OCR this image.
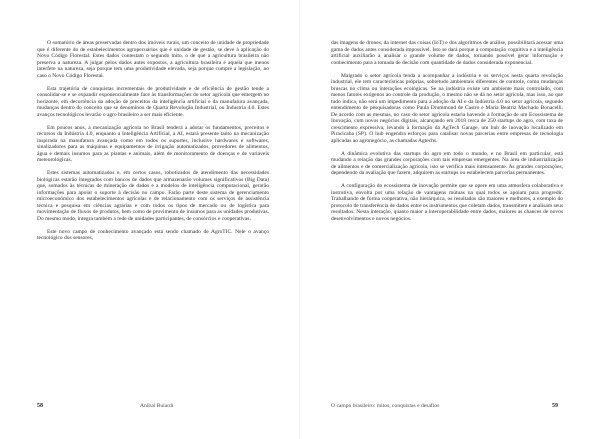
O somatório de áreas preservadas dentro dos imóveis rurais, um conceito de unidade de propriedade que é diferente do de estabelecimentos agropecuários que é unidade de gestão, se deve à aplicação do Novo Código Florestal. Estes dados contestam o segundo mito, o de que a agricultura brasileira não preserva a natureza. A julgar pelos dados antes expostos, a agricultura brasileira é aquela que menos interfere na natureza, seja porque tem uma produtividade elevada, seja porque cumpre a legislação, no caso o Novo Código Florestal.

Esta trajetória de conquistas incrementais de produtividade e de eficiência de gestão tende a consolidar-se e se expandir exponencialmente face às transformações do setor agrícola que emergem no horizonte, em decorrência da adoção de preceitos da inteligência artificial e da manufatura avançada, mudanças dentro do conceito que se denominou de Quarta Revolução Industrial, ou Industria 4.0. Estes avanços tecnológicos levarão o agro brasileiro a ser mais eficiente.

Em poucos anos, a mecanização agrícola no Brasil tenderá a adotar os fundamentos, preceitos e recursos da Indústria 4.0, enquanto a Inteligência Artificial, a AI, estará presente tanto na mecanização inspirada na manufatura avançada como em todos os suportes, inclusive hardwares e softwares, sinalizadores para as máquinas e equipamentos de irrigação automatizados, provedores de alimentos, água e demais insumos para as plantas e animais, além de monitoramento de doenças e de variáveis meteorológicas.

Estes sistemas automatizados e, em certos casos, robotizados de atendimento das necessidades biológicas estarão integrados com bancos de dados que armazenarão volumes significativos (Big Data) que, somados às técnicas de mineração de dados e a modelos de inteligência computacional, gerarão informações para apoiar o suporte à decisão no campo. Farão parte deste sistema de gerenciamento microeconômico dos estabelecimentos agrícolas e de relacionamento com os serviços de assistência técnica e pesquisa em ciências agrárias e com todos os tipos de mercado ou de logística para movimentação de fluxos de produtos, bem como de provimento de insumos para as unidades produtivas. Do mesmo modo, integra também a rede de unidades participantes, de consórcios e cooperativas.

Este novo campo de conhecimento avançado está sendo chamado de AgroTIC. Nele o avanço tecnológico dos sensores,

58	Anibal Buiardi

das imagens de drones, da internet das coisas (IoT) e dos algoritmos de análise, possibilitará acessar uma gama de dados antes considerada impossível. Isto se dará porque a computação cognitiva e a inteligência artificial auxiliarão a analisar o grande volume de dados, tornando possível gerar informação e conhecimento para a tomada de decisão com quantidade de dados considerada exponencial.

Malgrado o setor agrícola tenda a acompanhar a indústria e os serviços nesta quarta revolução industrial, ele tem características próprias, sobretudo ambientais diferentes de controle, como mudanças bruscas no clima ou interações ecológicas. Se na indústria existe um ambiente mais controlado, com menos fatores exógenos ao controle da produção, o mesmo não se dá no setor agrícola, mas isso, ao que tudo indica, não será um impedimento para a adoção da AI e da Indústria 4.0 no setor agrícola, segundo entendimento de pesquisadoras como Paula Drummond de Castro e Maria Beatriz Machado Bonacelli. De acordo com as mesmas, no caso do setor agrícola estaria havendo a formação de um Ecossistema de Inovação, com novos negócios digitais, alcançando em 2018 cerca de 250 startups do agro, com taxa de crescimento expressiva, levando à formação da AgTech Garage, um hub de inovação localizado em Piracicaba (SP). O hub engendra esforços para catalisar novas parcerias entre empresas de tecnologia aplicadas ao agronegócio, as chamadas Agtechs.

A dinâmica evolutiva das startups do agro em todo o mundo, e no Brasil em particular, está mudando a relação das grandes corporações com tais empresas emergentes. Na área de industrialização de alimentos e de comercialização agrícola, isto se verifica mais intensamente. As grandes corporações, dependendo da avaliação que fazem, adquirem as startups ou estabelecem parcerias permanentes.

A configuração do ecossistema de inovação permite que se opere em uma atmosfera colaborativa e instrutiva, envolta por uma relação de vantagens mútuas na qual todos se apoiam para progredir. Trabalhando de forma cooperativa, não hierárquica, os resultados são maiores e melhores, a exemplo do protocolo de transferência de dados entre os instrumentos que coletam dados, transmitem e analisam seus resultados. Nesta interação, quanto maior a interoperabilidade entre dados, maiores as chances de novos desenvolvimentos e novos negócios.

O campo brasileiro: mitos, conquistas e desafios	59
